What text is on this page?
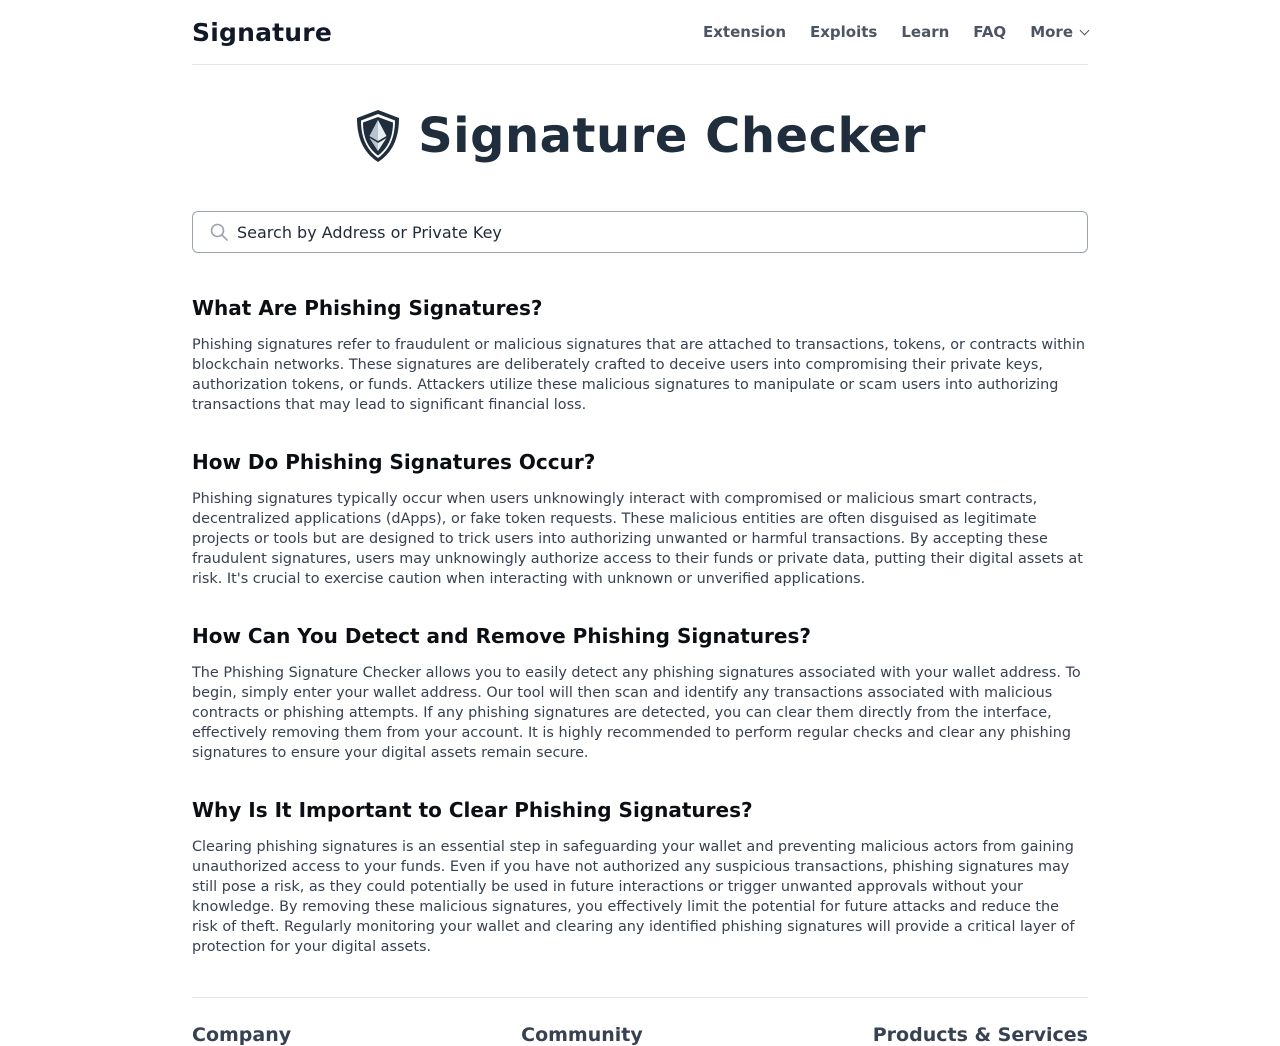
Signature	Extension Exploits Learn FAQ More
Signature Checker
Search by Address or Private Key
What Are Phishing Signatures?

Phishing signatures refer to fraudulent or malicious signatures that are attached to transactions, tokens, or contracts within blockchain networks. These signatures are deliberately crafted to deceive users into compromising their private keys, authorization tokens, or funds. Attackers utilize these malicious signatures to manipulate or scam users into authorizing transactions that may lead to significant financial loss.

How Do Phishing Signatures Occur?

Phishing signatures typically occur when users unknowingly interact with compromised or malicious smart contracts, decentralized applications (dApps), or fake token requests. These malicious entities are often disguised as legitimate projects or tools but are designed to trick users into authorizing unwanted or harmful transactions. By accepting these fraudulent signatures, users may unknowingly authorize access to their funds or private data, putting their digital assets at risk. It's crucial to exercise caution when interacting with unknown or unverified applications.

How Can You Detect and Remove Phishing Signatures?

The Phishing Signature Checker allows you to easily detect any phishing signatures associated with your wallet address. To begin, simply enter your wallet address. Our tool will then scan and identify any transactions associated with malicious contracts or phishing attempts. If any phishing signatures are detected, you can clear them directly from the interface, effectively removing them from your account. It is highly recommended to perform regular checks and clear any phishing signatures to ensure your digital assets remain secure.

Why Is It Important to Clear Phishing Signatures?

Clearing phishing signatures is an essential step in safeguarding your wallet and preventing malicious actors from gaining unauthorized access to your funds. Even if you have not authorized any suspicious transactions, phishing signatures may still pose a risk, as they could potentially be used in future interactions or trigger unwanted approvals without your knowledge. By removing these malicious signatures, you effectively limit the potential for future attacks and reduce the risk of theft. Regularly monitoring your wallet and clearing any identified phishing signatures will provide a critical layer of protection for your digital assets.

Company	Community	Products & Services
